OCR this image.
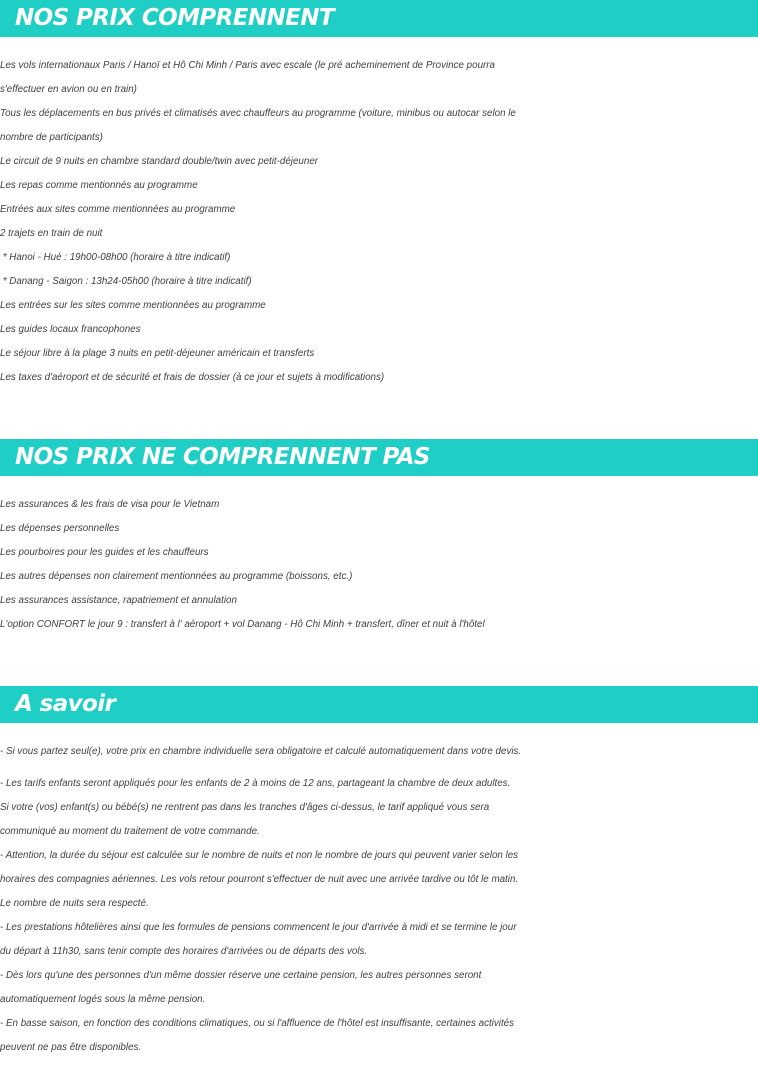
NOS PRIX COMPRENNENT
Les vols internationaux Paris / Hanoï et Hô Chi Minh / Paris avec escale (le pré acheminement de Province pourra
s'effectuer en avion ou en train)
Tous les déplacements en bus privés et climatisés avec chauffeurs au programme (voiture, minibus ou autocar selon le
nombre de participants)
Le circuit de 9 nuits en chambre standard double/twin avec petit-déjeuner
Les repas comme mentionnés au programme
Entrées aux sites comme mentionnées au programme
2 trajets en train de nuit
* Hanoi - Hué : 19h00-08h00 (horaire à titre indicatif)
* Danang - Saigon : 13h24-05h00 (horaire à titre indicatif)
Les entrées sur les sites comme mentionnées au programme
Les guides locaux francophones
Le séjour libre à la plage 3 nuits en petit-déjeuner américain et transferts
Les taxes d'aéroport et de sécurité et frais de dossier (à ce jour et sujets à modifications)
NOS PRIX NE COMPRENNENT PAS
Les assurances & les frais de visa pour le Vietnam
Les dépenses personnelles
Les pourboires pour les guides et les chauffeurs
Les autres dépenses non clairement mentionnées au programme (boissons, etc.)
Les assurances assistance, rapatriement et annulation
L'option CONFORT le jour 9 : transfert à l' aéroport + vol Danang - Hô Chi Minh + transfert, dîner et nuit à l'hôtel
A savoir
- Si vous partez seul(e), votre prix en chambre individuelle sera obligatoire et calculé automatiquement dans votre devis.
- Les tarifs enfants seront appliqués pour les enfants de 2 à moins de 12 ans, partageant la chambre de deux adultes.
Si votre (vos) enfant(s) ou bébé(s) ne rentrent pas dans les tranches d'âges ci-dessus, le tarif appliqué vous sera
communiqué au moment du traitement de votre commande.
- Attention, la durée du séjour est calculée sur le nombre de nuits et non le nombre de jours qui peuvent varier selon les
horaires des compagnies aériennes. Les vols retour pourront s'effectuer de nuit avec une arrivée tardive ou tôt le matin.
Le nombre de nuits sera respecté.
- Les prestations hôtelières ainsi que les formules de pensions commencent le jour d'arrivée à midi et se termine le jour
du départ à 11h30, sans tenir compte des horaires d'arrivées ou de départs des vols.
- Dès lors qu'une des personnes d'un même dossier réserve une certaine pension, les autres personnes seront
automatiquement logés sous la même pension.
- En basse saison, en fonction des conditions climatiques, ou si l'affluence de l'hôtel est insuffisante, certaines activités
peuvent ne pas être disponibles.
